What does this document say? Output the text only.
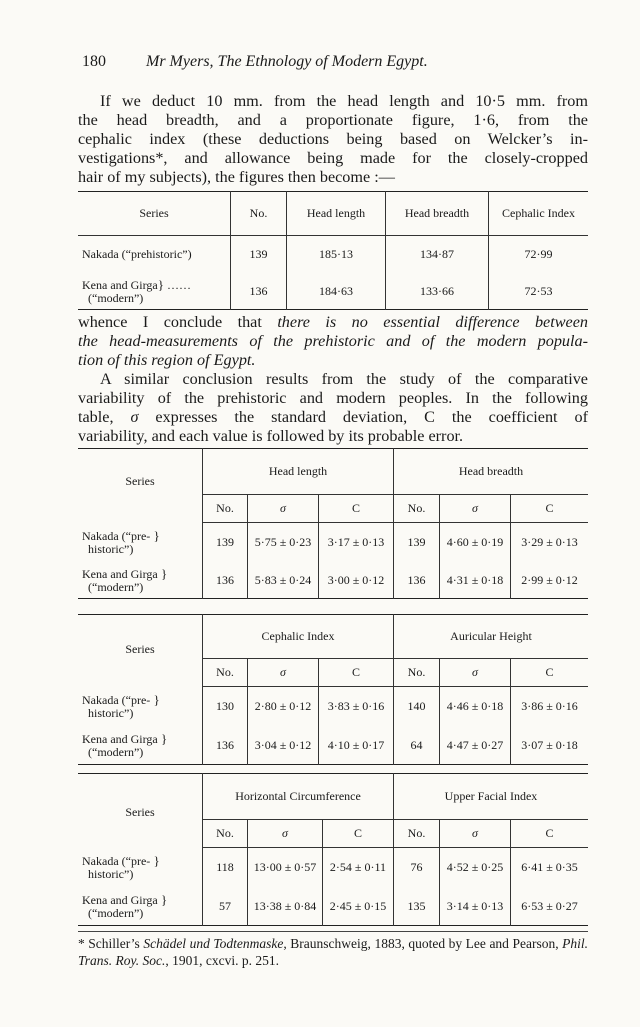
180	Mr Myers, The Ethnology of Modern Egypt.
If we deduct 10 mm. from the head length and 10·5 mm. from
the head breadth, and a proportionate figure, 1·6, from the
cephalic index (these deductions being based on Welcker’s in-
vestigations*, and allowance being made for the closely-cropped
hair of my subjects), the figures then become :—
Series	No.	Head length	Head breadth	Cephalic Index
Nakada (“prehistoric”)	139	185·13	134·87	72·99
Kena and Girga} ……
(“modern”)	136	184·63	133·66	72·53
whence I conclude that there is no essential difference between
the head-measurements of the prehistoric and of the modern popula-
tion of this region of Egypt.
A similar conclusion results from the study of the comparative
variability of the prehistoric and modern peoples. In the following
table, σ expresses the standard deviation, C the coefficient of
variability, and each value is followed by its probable error.
Series	Head length			Head breadth		
	No.	σ	C	No.	σ	C
Nakada (“pre- }
historic”)	139	5·75 ± 0·23	3·17 ± 0·13	139	4·60 ± 0·19	3·29 ± 0·13
Kena and Girga }
(“modern”)	136	5·83 ± 0·24	3·00 ± 0·12	136	4·31 ± 0·18	2·99 ± 0·12
Series	Cephalic Index			Auricular Height		
	No.	σ	C	No.	σ	C
Nakada (“pre- }
historic”)	130	2·80 ± 0·12	3·83 ± 0·16	140	4·46 ± 0·18	3·86 ± 0·16
Kena and Girga }
(“modern”)	136	3·04 ± 0·12	4·10 ± 0·17	64	4·47 ± 0·27	3·07 ± 0·18
Series	Horizontal Circumference			Upper Facial Index		
	No.	σ	C	No.	σ	C
Nakada (“pre- }
historic”)	118	13·00 ± 0·57	2·54 ± 0·11	76	4·52 ± 0·25	6·41 ± 0·35
Kena and Girga }
(“modern”)	57	13·38 ± 0·84	2·45 ± 0·15	135	3·14 ± 0·13	6·53 ± 0·27

* Schiller’s Schädel und Todtenmaske, Braunschweig, 1883, quoted by Lee and Pearson, Phil. Trans. Roy. Soc., 1901, cxcvi. p. 251.
